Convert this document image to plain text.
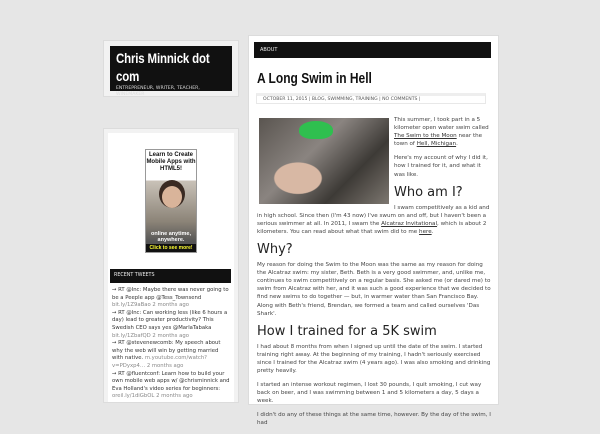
Chris Minnick dot com
ENTREPRENEUR, WRITER, TEACHER, WINEMAKER
Learn to Create Mobile Apps with HTML5!
online anytime, anywhere.
Click to see more!
RECENT TWEETS
→ RT @Inc: Maybe there was never going to be a Peeple app @Tess_Townsend bit.ly/1Z9aBao 2 months ago
→ RT @Inc: Can working less (like 6 hours a day) lead to greater productivity? This Swedish CEO says yes @MarlaTabaka bit.ly/1ZbafQD 2 months ago
→ RT @stevenewcomb: My speech about why the web will win by getting married with native. m.youtube.com/watch?v=PDyxp4… 2 months ago
→ RT @fluentconf: Learn how to build your own mobile web apps w/ @chrisminnick and Eva Holland's video series for beginners: oreil.ly/1diGbOL 2 months ago
ABOUT
A Long Swim in Hell
OCTOBER 11, 2015 | BLOG, SWIMMING, TRAINING | NO COMMENTS |

This summer, I took part in a 5 kilometer open water swim called The Swim to the Moon near the town of Hell, Michigan.

Here's my account of why I did it, how I trained for it, and what it was like.

Who am I?

I swam competitively as a kid and in high school. Since then (I'm 43 now) I've swum on and off, but I haven't been a serious swimmer at all. In 2011, I swam the Alcatraz Invitational, which is about 2 kilometers. You can read about what that swim did to me here.

Why?

My reason for doing the Swim to the Moon was the same as my reason for doing the Alcatraz swim: my sister, Beth. Beth is a very good swimmer, and, unlike me, continues to swim competitively on a regular basis. She asked me (or dared me) to swim from Alcatraz with her, and it was such a good experience that we decided to find new swims to do together — but, in warmer water than San Francisco Bay. Along with Beth's friend, Brendan, we formed a team and called ourselves 'Das Shark'.

How I trained for a 5K swim

I had about 8 months from when I signed up until the date of the swim. I started training right away. At the beginning of my training, I hadn't seriously exercised since I trained for the Alcatraz swim (4 years ago). I was also smoking and drinking pretty heavily.

I started an intense workout regimen, I lost 30 pounds, I quit smoking, I cut way back on beer, and I was swimming between 1 and 5 kilometers a day, 5 days a week.

I didn't do any of these things at the same time, however. By the day of the swim, I had
